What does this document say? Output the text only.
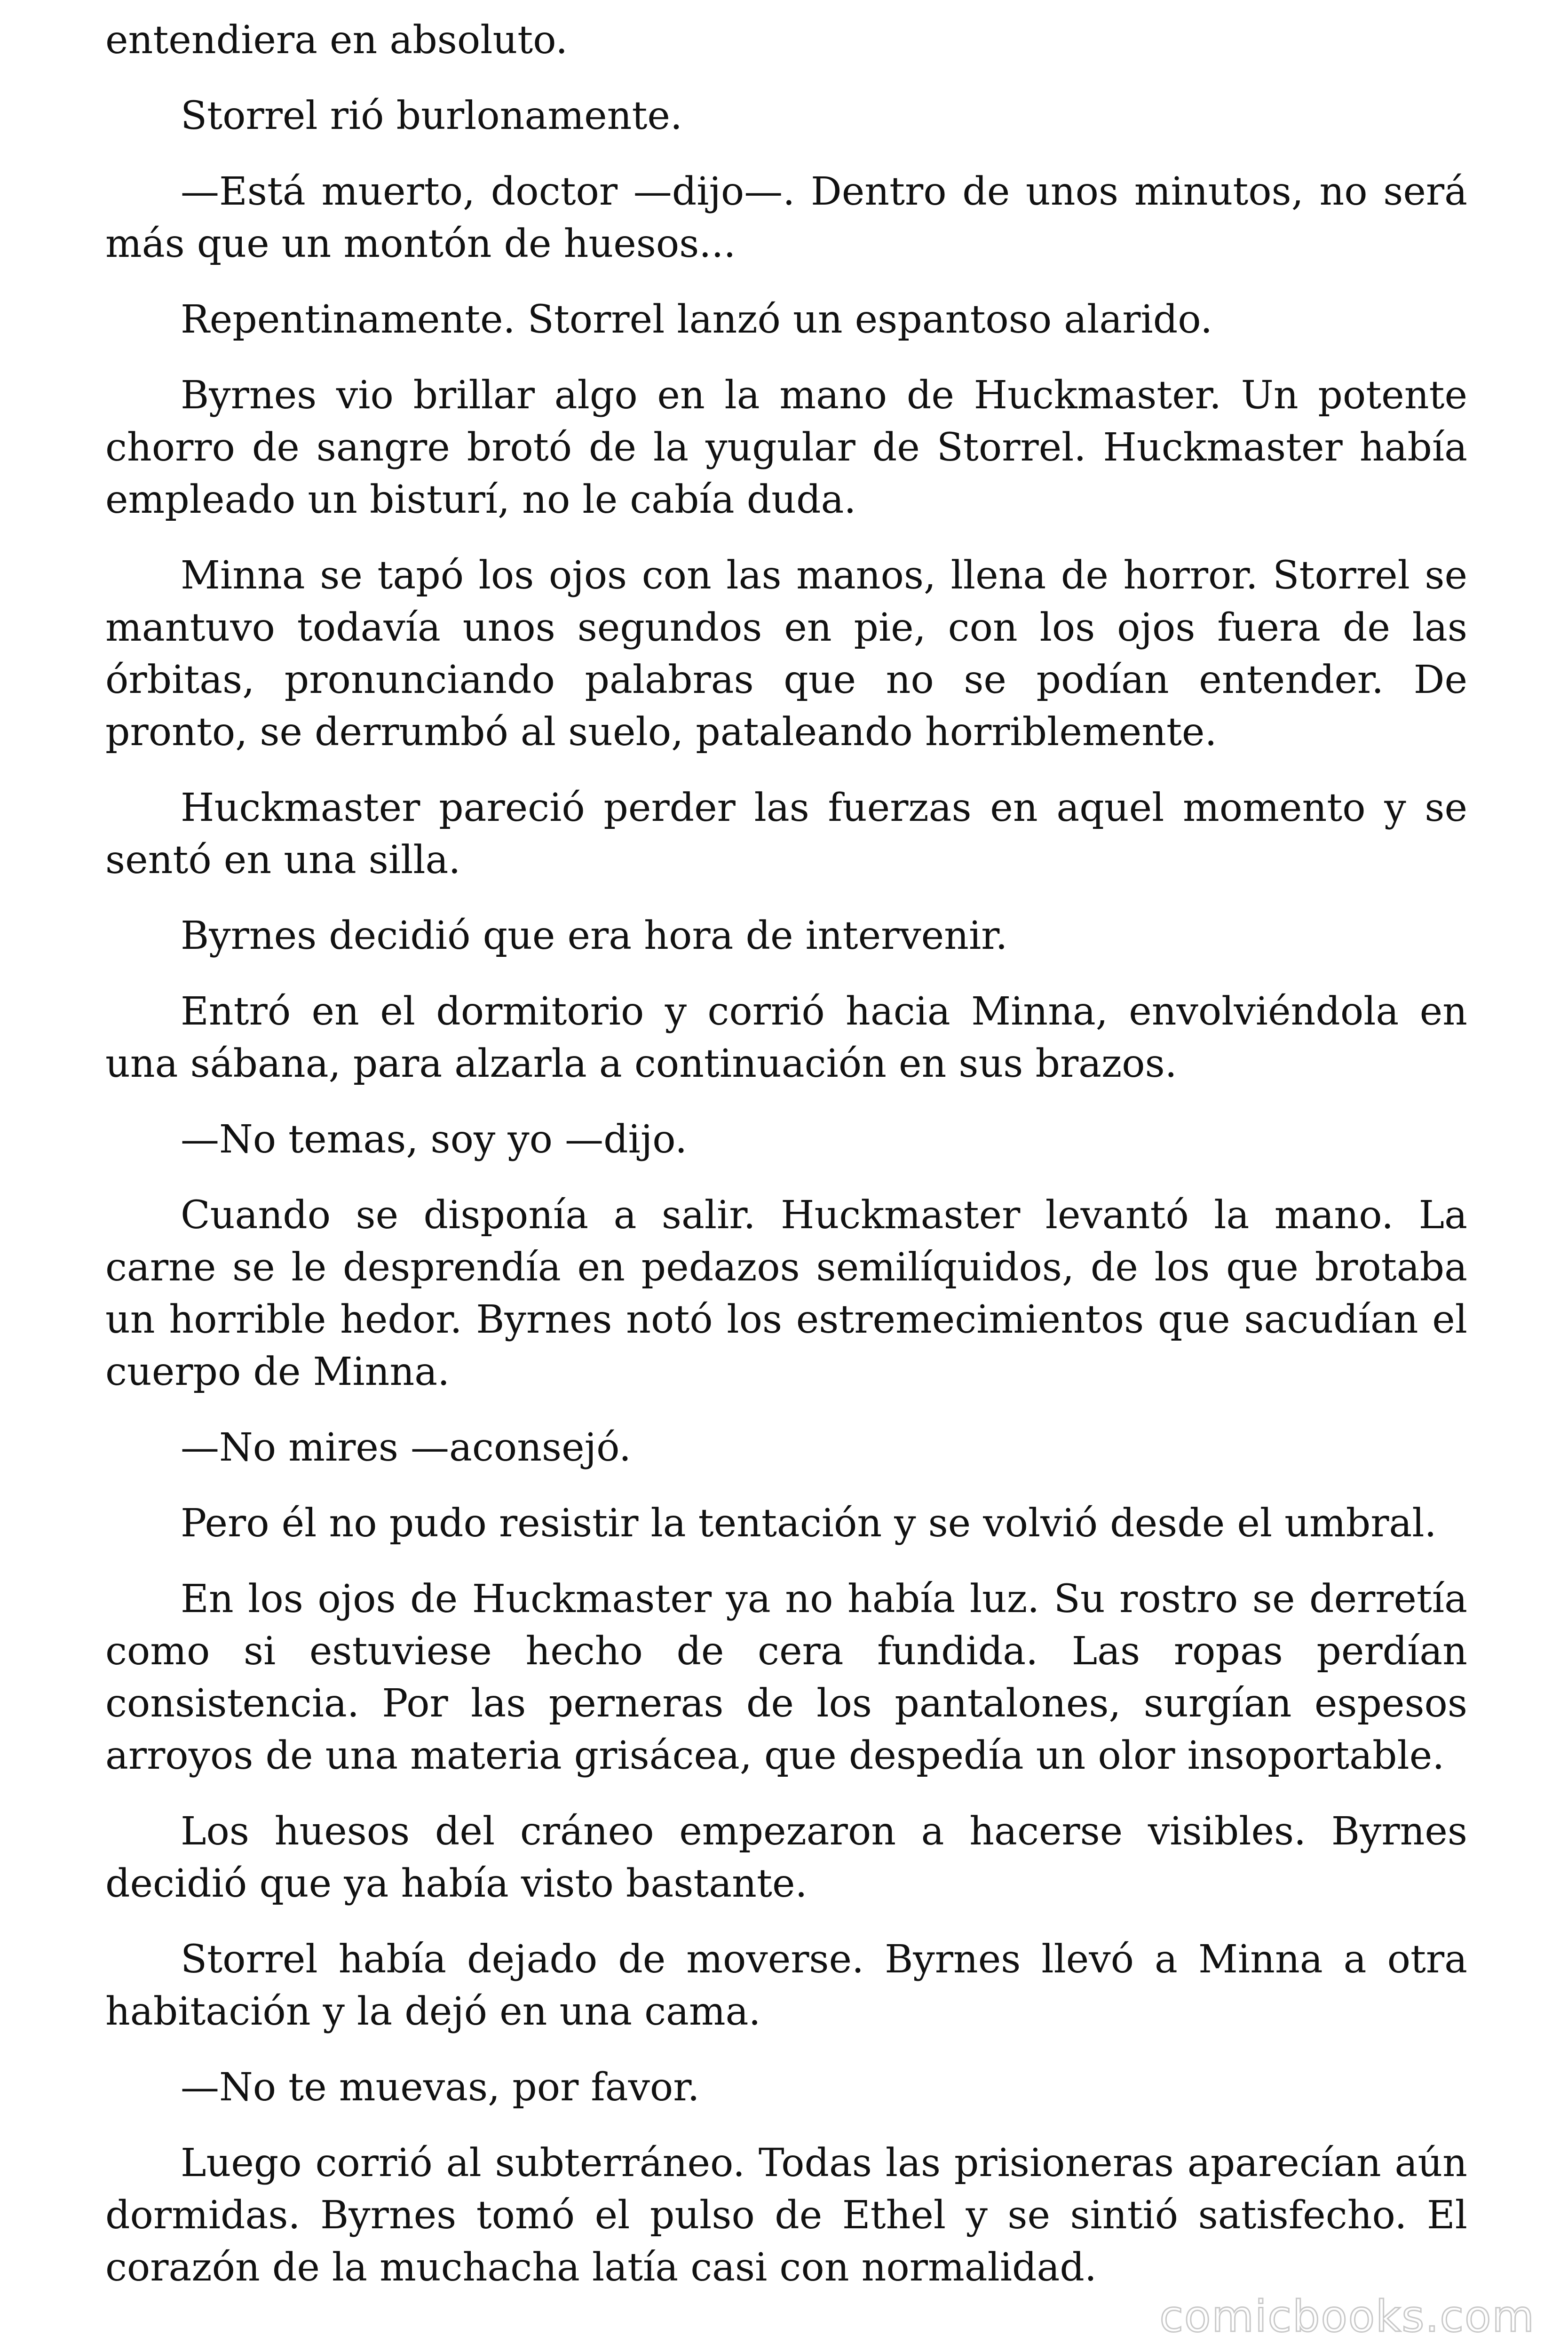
entendiera en absoluto.

Storrel rió burlonamente.

—Está muerto, doctor —dijo—. Dentro de unos minutos, no será más que un montón de huesos...

Repentinamente. Storrel lanzó un espantoso alarido.

Byrnes vio brillar algo en la mano de Huckmaster. Un potente chorro de sangre brotó de la yugular de Storrel. Huckmaster había empleado un bisturí, no le cabía duda.

Minna se tapó los ojos con las manos, llena de horror. Storrel se mantuvo todavía unos segundos en pie, con los ojos fuera de las órbitas, pronunciando palabras que no se podían entender. De pronto, se derrumbó al suelo, pataleando horriblemente.

Huckmaster pareció perder las fuerzas en aquel momento y se sentó en una silla.

Byrnes decidió que era hora de intervenir.

Entró en el dormitorio y corrió hacia Minna, envolviéndola en una sábana, para alzarla a continuación en sus brazos.

—No temas, soy yo —dijo.

Cuando se disponía a salir. Huckmaster levantó la mano. La carne se le desprendía en pedazos semilíquidos, de los que brotaba un horrible hedor. Byrnes notó los estremecimientos que sacudían el cuerpo de Minna.

—No mires —aconsejó.

Pero él no pudo resistir la tentación y se volvió desde el umbral.

En los ojos de Huckmaster ya no había luz. Su rostro se derretía como si estuviese hecho de cera fundida. Las ropas perdían consistencia. Por las perneras de los pantalones, surgían espesos arroyos de una materia grisácea, que despedía un olor insoportable.

Los huesos del cráneo empezaron a hacerse visibles. Byrnes decidió que ya había visto bastante.

Storrel había dejado de moverse. Byrnes llevó a Minna a otra habitación y la dejó en una cama.

—No te muevas, por favor.

Luego corrió al subterráneo. Todas las prisioneras aparecían aún dormidas. Byrnes tomó el pulso de Ethel y se sintió satisfecho. El corazón de la muchacha latía casi con normalidad.

comicbooks.com
